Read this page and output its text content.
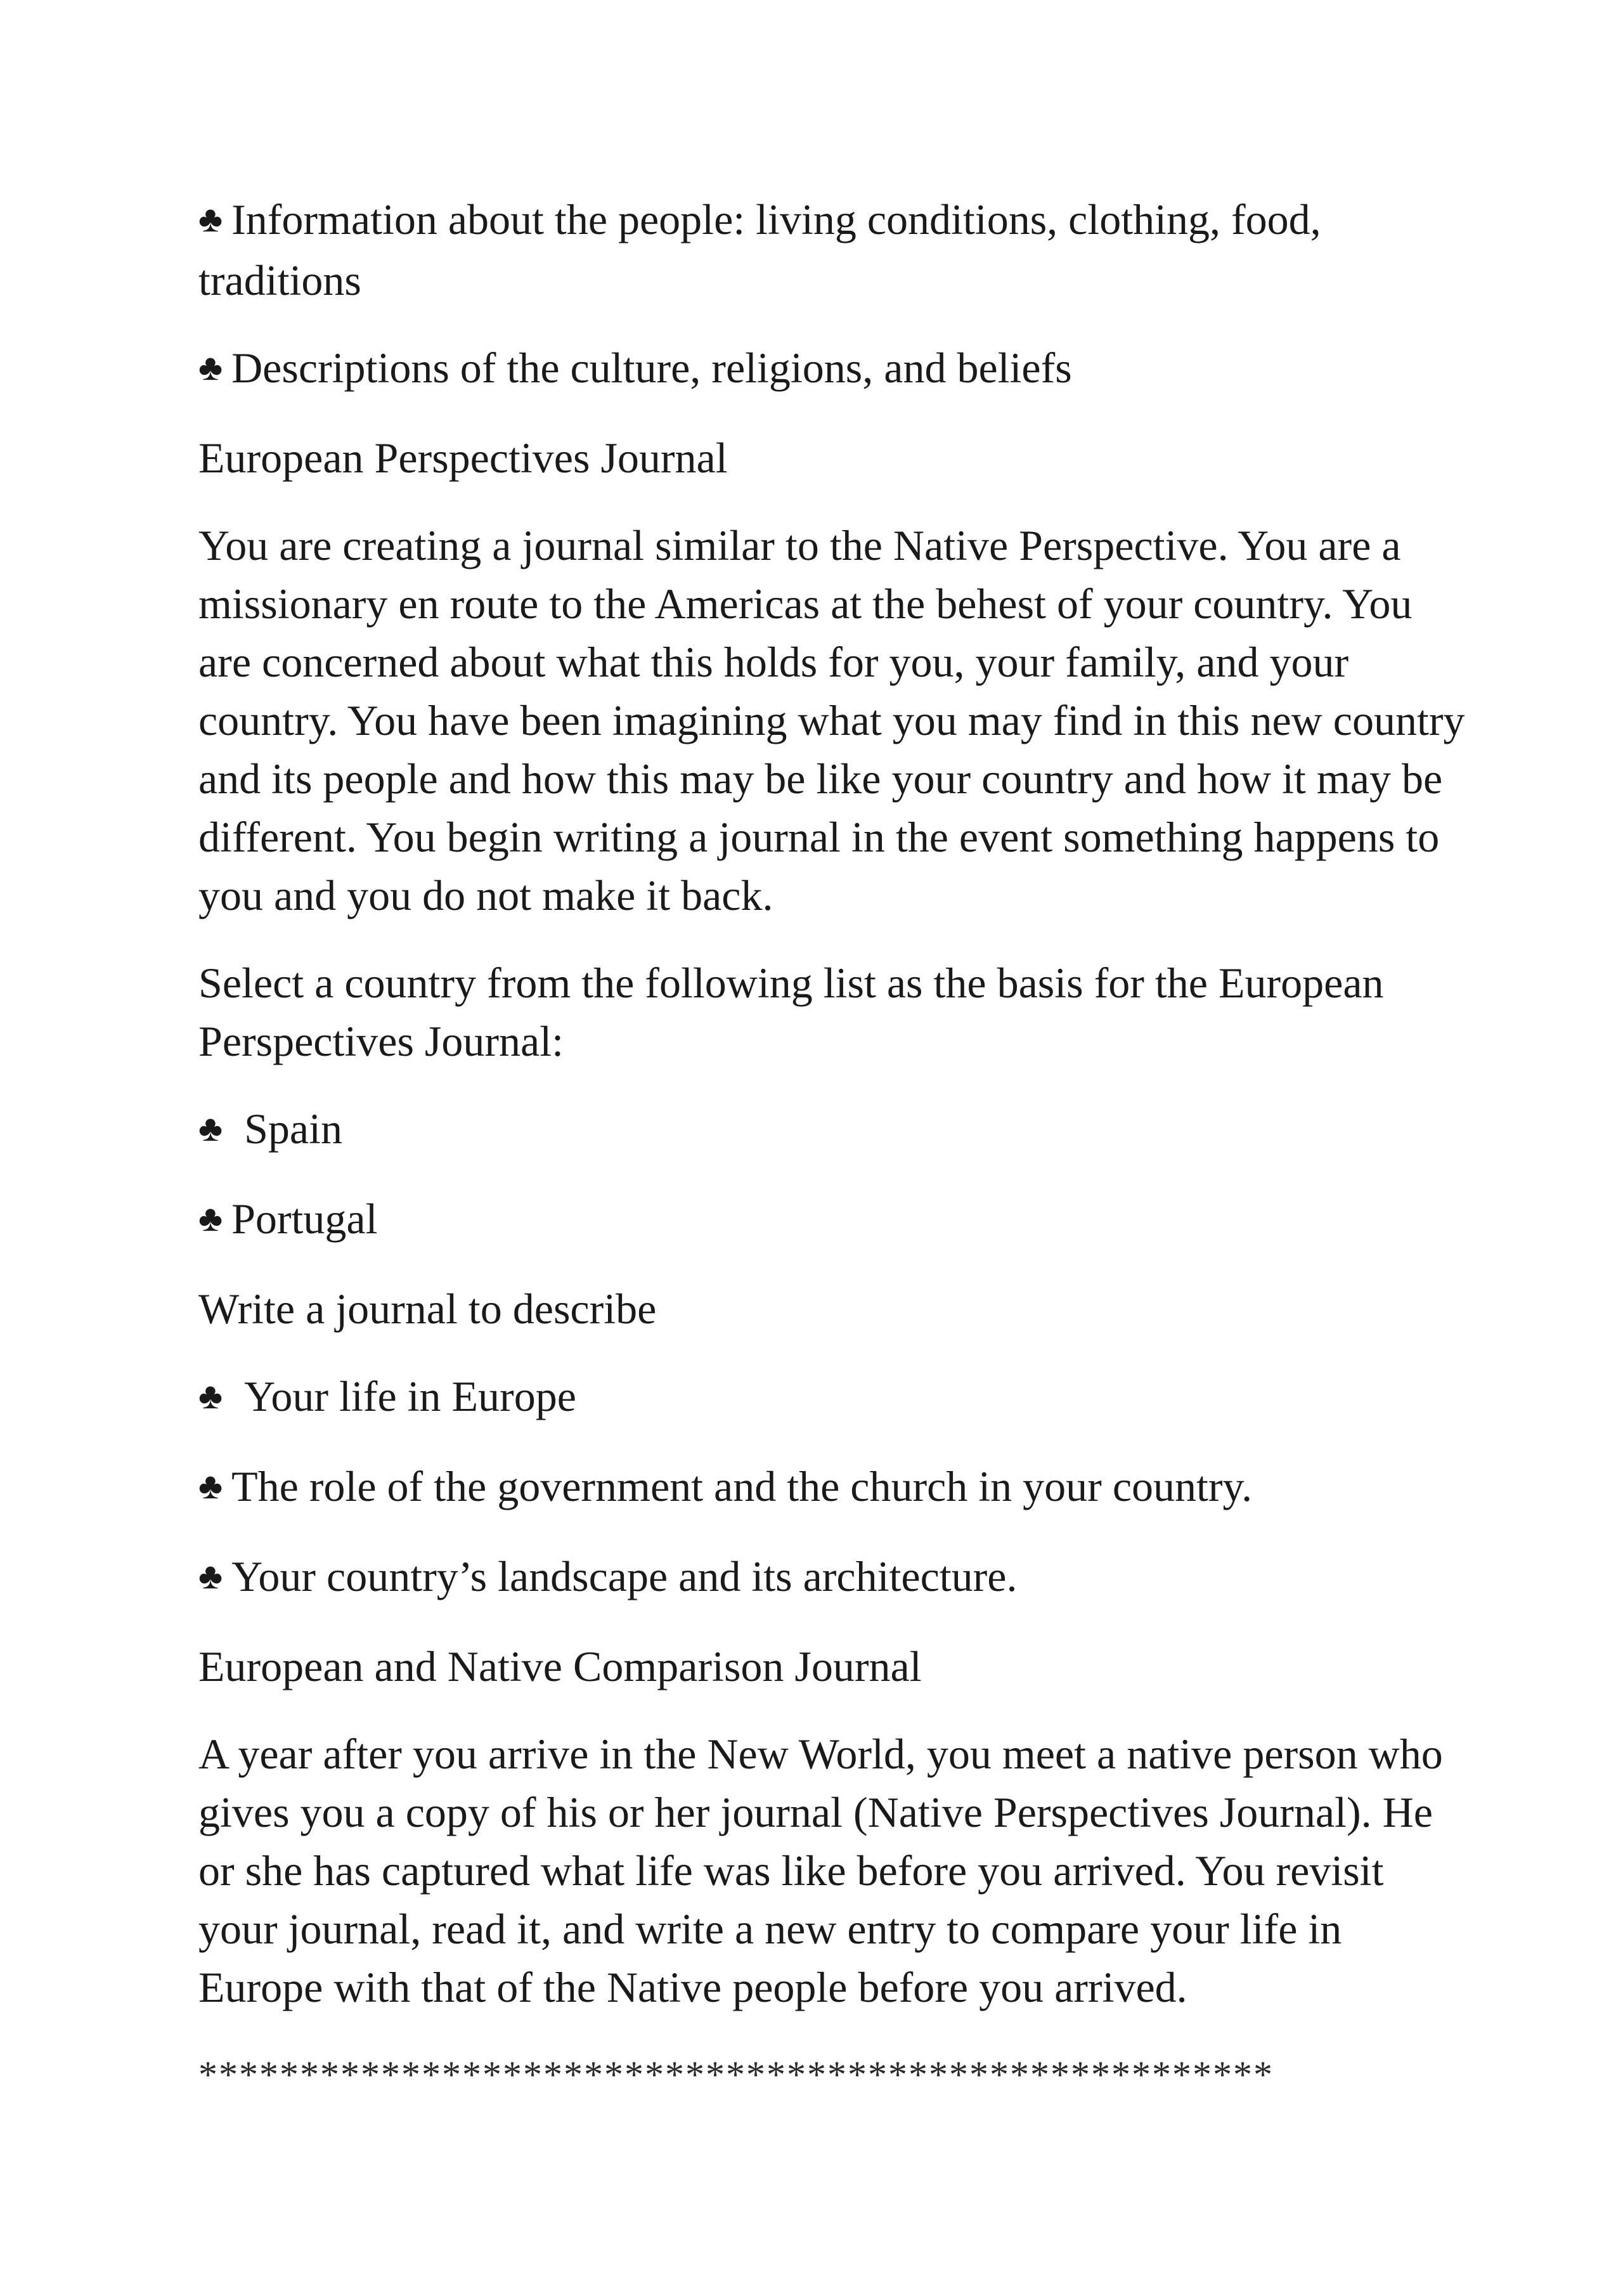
♣ Information about the people: living conditions, clothing, food, traditions
♣ Descriptions of the culture, religions, and beliefs

European Perspectives Journal

You are creating a journal similar to the Native Perspective. You are a missionary en route to the Americas at the behest of your country. You are concerned about what this holds for you, your family, and your country. You have been imagining what you may find in this new country and its people and how this may be like your country and how it may be different. You begin writing a journal in the event something happens to you and you do not make it back.

Select a country from the following list as the basis for the European Perspectives Journal:

♣ Spain
♣ Portugal

Write a journal to describe

♣ Your life in Europe
♣ The role of the government and the church in your country.
♣ Your country’s landscape and its architecture.

European and Native Comparison Journal

A year after you arrive in the New World, you meet a native person who gives you a copy of his or her journal (Native Perspectives Journal). He or she has captured what life was like before you arrived. You revisit your journal, read it, and write a new entry to compare your life in Europe with that of the Native people before you arrived.

*****************************************************
